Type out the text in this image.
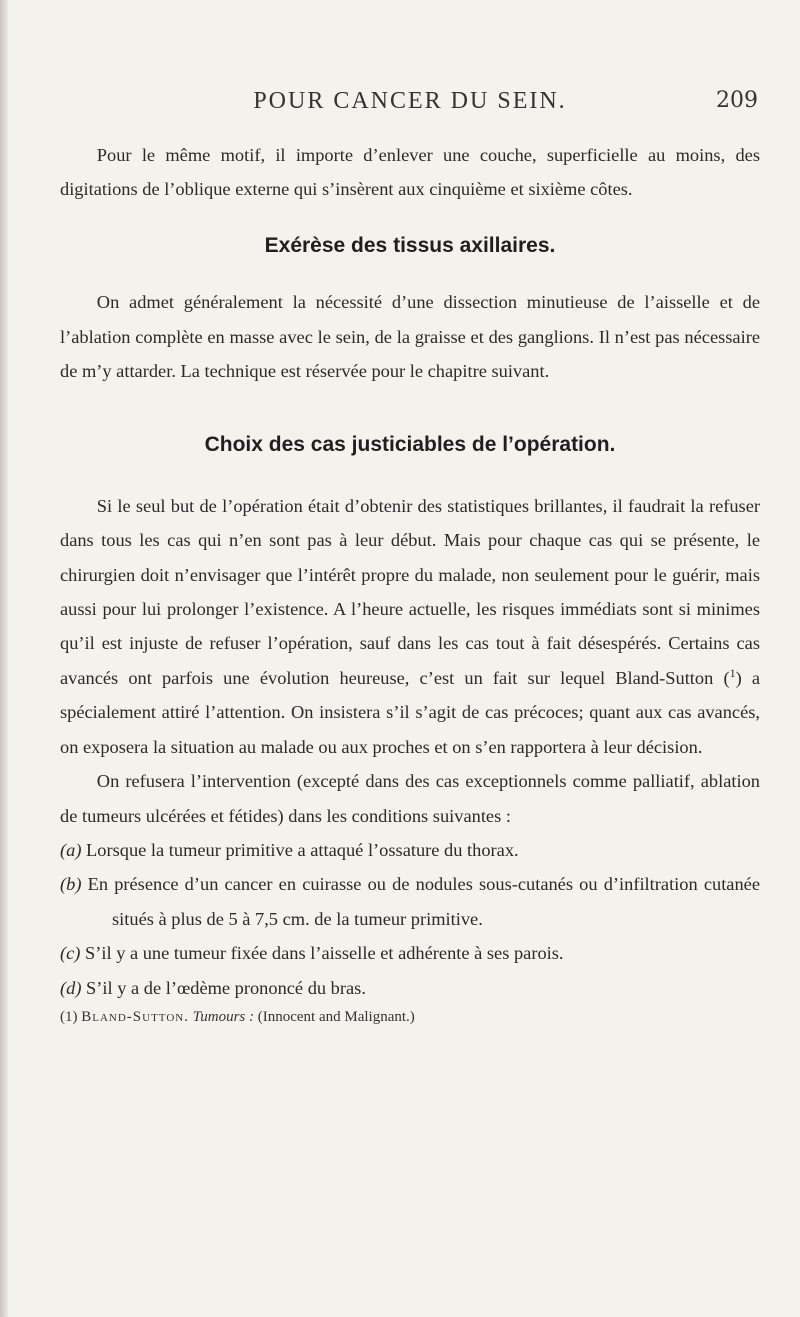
POUR CANCER DU SEIN.	209

Pour le même motif, il importe d’enlever une couche, superficielle au moins, des digitations de l’oblique externe qui s’insèrent aux cinquième et sixième côtes.

Exérèse des tissus axillaires.

On admet généralement la nécessité d’une dissection minutieuse de l’aisselle et de l’ablation complète en masse avec le sein, de la graisse et des ganglions. Il n’est pas nécessaire de m’y attarder. La technique est réservée pour le chapitre suivant.

Choix des cas justiciables de l’opération.

Si le seul but de l’opération était d’obtenir des statistiques brillantes, il faudrait la refuser dans tous les cas qui n’en sont pas à leur début. Mais pour chaque cas qui se présente, le chirurgien doit n’envisager que l’intérêt propre du malade, non seulement pour le guérir, mais aussi pour lui prolonger l’existence. A l’heure actuelle, les risques immédiats sont si minimes qu’il est injuste de refuser l’opération, sauf dans les cas tout à fait désespérés. Certains cas avancés ont parfois une évolution heureuse, c’est un fait sur lequel Bland-Sutton ($^1$) a spécialement attiré l’attention. On insistera s’il s’agit de cas précoces; quant aux cas avancés, on exposera la situation au malade ou aux proches et on s’en rapportera à leur décision.

On refusera l’intervention (excepté dans des cas exceptionnels comme palliatif, ablation de tumeurs ulcérées et fétides) dans les conditions suivantes :

(a) Lorsque la tumeur primitive a attaqué l’ossature du thorax.

(b) En présence d’un cancer en cuirasse ou de nodules sous-cutanés ou d’infiltration cutanée situés à plus de 5 à 7,5 cm. de la tumeur primitive.

(c) S’il y a une tumeur fixée dans l’aisselle et adhérente à ses parois.

(d) S’il y a de l’œdème prononcé du bras.

(1) Bland-Sutton. Tumours : (Innocent and Malignant.)
